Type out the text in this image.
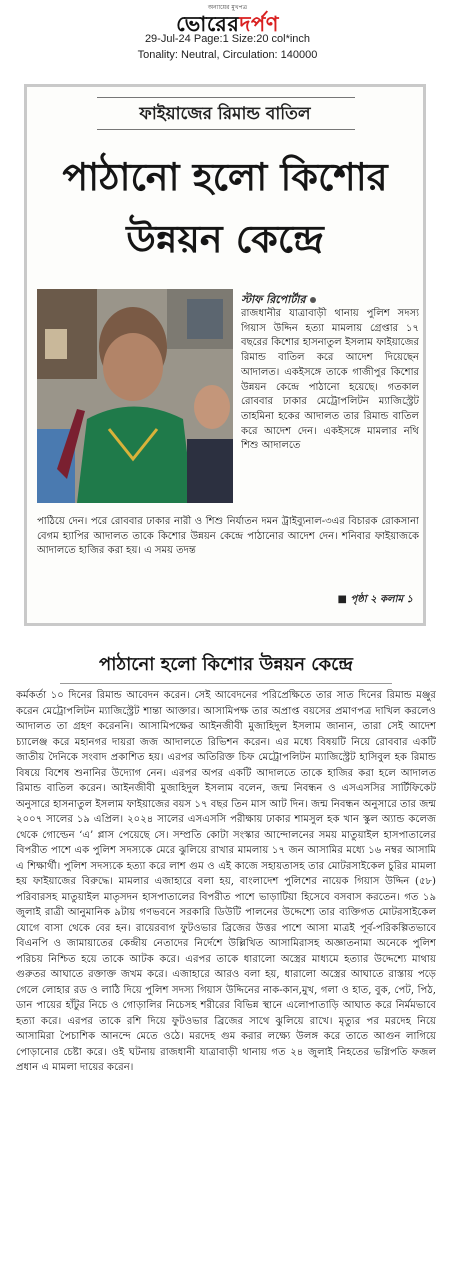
অন্যায়ের মুখপত্র
ভোরেরদর্পণ
29-Jul-24 Page:1 Size:20 col*inch
Tonality: Neutral, Circulation: 140000
ফাইয়াজের রিমান্ড বাতিল
পাঠানো হলো কিশোর
উন্নয়ন কেন্দ্রে
স্টাফ রিপোর্টার
রাজধানীর যাত্রাবাড়ী থানায় পুলিশ সদস্য গিয়াস উদ্দিন হত্যা মামলায় গ্রেপ্তার ১৭ বছরের কিশোর হাসনাতুল ইসলাম ফাইয়াজের রিমান্ড বাতিল করে আদেশ দিয়েছেন আদালত। একইসঙ্গে তাকে গাজীপুর কিশোর উন্নয়ন কেন্দ্রে পাঠানো হয়েছে। গতকাল রোববার ঢাকার মেট্রোপলিটন ম্যাজিস্ট্রেট তাহমিনা হকের আদালত তার রিমান্ড বাতিল করে আদেশ দেন। একইসঙ্গে মামলার নথি শিশু আদালতে
পাঠিয়ে দেন। পরে রোববার ঢাকার নারী ও শিশু নির্যাতন দমন ট্রাইব্যুনাল-৩এর বিচারক রোকসানা বেগম হ্যাপির আদালত তাকে কিশোর উন্নয়ন কেন্দ্রে পাঠানোর আদেশ দেন। শনিবার ফাইয়াজকে আদালতে হাজির করা হয়। এ সময় তদন্ত
■ পৃষ্ঠা ২ কলাম ১
পাঠানো হলো কিশোর উন্নয়ন কেন্দ্রে
কর্মকর্তা ১০ দিনের রিমান্ড আবেদন করেন। সেই আবেদনের পরিপ্রেক্ষিতে তার সাত দিনের রিমান্ড মঞ্জুর করেন মেট্রোপলিটন ম্যাজিস্ট্রেট শান্তা আক্তার। আসামিপক্ষ তার অপ্রাপ্ত বয়সের প্রমাণপত্র দাখিল করলেও আদালত তা গ্রহণ করেননি। আসামিপক্ষের আইনজীবী মুজাহিদুল ইসলাম জানান, তারা সেই আদেশ চ্যালেঞ্জ করে মহানগর দায়রা জজ আদালতে রিভিশন করেন। এর মধ্যে বিষয়টি নিয়ে রোববার একটি জাতীয় দৈনিকে সংবাদ প্রকাশিত হয়। এরপর অতিরিক্ত চিফ মেট্রোপলিটন ম্যাজিস্ট্রেট হাসিবুল হক রিমান্ড বিষয়ে বিশেষ শুনানির উদ্যোগ নেন। এরপর অপর একটি আদালতে তাকে হাজির করা হলে আদালত রিমান্ড বাতিল করেন। আইনজীবী মুজাহিদুল ইসলাম বলেন, জন্ম নিবন্ধন ও এসএসসির সার্টিফিকেট অনুসারে হাসনাতুল ইসলাম ফাইয়াজের বয়স ১৭ বছর তিন মাস আট দিন। জন্ম নিবন্ধন অনুসারে তার জন্ম ২০০৭ সালের ১৯ এপ্রিল। ২০২৪ সালের এসএসসি পরীক্ষায় ঢাকার শামসুল হক খান স্কুল অ্যান্ড কলেজ থেকে গোল্ডেন ‘এ’ প্লাস পেয়েছে সে। সম্প্রতি কোটা সংস্কার আন্দোলনের সময় মাতুয়াইল হাসপাতালের বিপরীত পাশে এক পুলিশ সদস্যকে মেরে ঝুলিয়ে রাখার মামলায় ১৭ জন আসামির মধ্যে ১৬ নম্বর আসামি এ শিক্ষার্থী। পুলিশ সদস্যকে হত্যা করে লাশ গুম ও এই কাজে সহায়তাসহ তার মোটরসাইকেল চুরির মামলা হয় ফাইয়াজের বিরুদ্ধে। মামলার এজাহারে বলা হয়, বাংলাদেশ পুলিশের নায়েক গিয়াস উদ্দিন (৫৮) পরিবারসহ মাতুয়াইল মাতৃসদন হাসপাতালের বিপরীত পাশে ভাড়াটিয়া হিসেবে বসবাস করতেন। গত ১৯ জুলাই রাত্রী আনুমানিক ৯টায় গণভবনে সরকারি ডিউটি পালনের উদ্দেশ্যে তার ব্যক্তিগত মোটরসাইকেল যোগে বাসা থেকে বের হন। রায়েরবাগ ফুটওভার ব্রিজের উত্তর পাশে আসা মাত্রই পূর্ব-পরিকল্পিতভাবে বিএনপি ও জামায়াতের কেন্দ্রীয় নেতাদের নির্দেশে উল্লিখিত আসামিরাসহ অজ্ঞাতনামা অনেকে পুলিশ পরিচয় নিশ্চিত হয়ে তাকে আটক করে। এরপর তাকে ধারালো অস্ত্রের মাধ্যমে হত্যার উদ্দেশ্যে মাথায় গুরুতর আঘাতে রক্তাক্ত জখম করে। এজাহারে আরও বলা হয়, ধারালো অস্ত্রের আঘাতে রাস্তায় পড়ে গেলে লোহার রড ও লাঠি দিয়ে পুলিশ সদস্য গিয়াস উদ্দিনের নাক-কান,মুখ, গলা ও হাত, বুক, পেট, পিঠ, ডান পায়ের হাঁটুর নিচে ও গোড়ালির নিচেসহ শরীরের বিভিন্ন স্থানে এলোপাতাড়ি আঘাত করে নির্মমভাবে হত্যা করে। এরপর তাকে রশি দিয়ে ফুটওভার ব্রিজের সাথে ঝুলিয়ে রাখে। মৃত্যুর পর মরদেহ নিয়ে আসামিরা পৈচাশিক আনন্দে মেতে ওঠে। মরদেহ গুম করার লক্ষ্যে উলঙ্গ করে তাতে আগুন লাগিয়ে পোড়ানোর চেষ্টা করে। ওই ঘটনায় রাজধানী যাত্রাবাড়ী থানায় গত ২৪ জুলাই নিহতের ভগ্নিপতি ফজল প্রধান এ মামলা দায়ের করেন।
